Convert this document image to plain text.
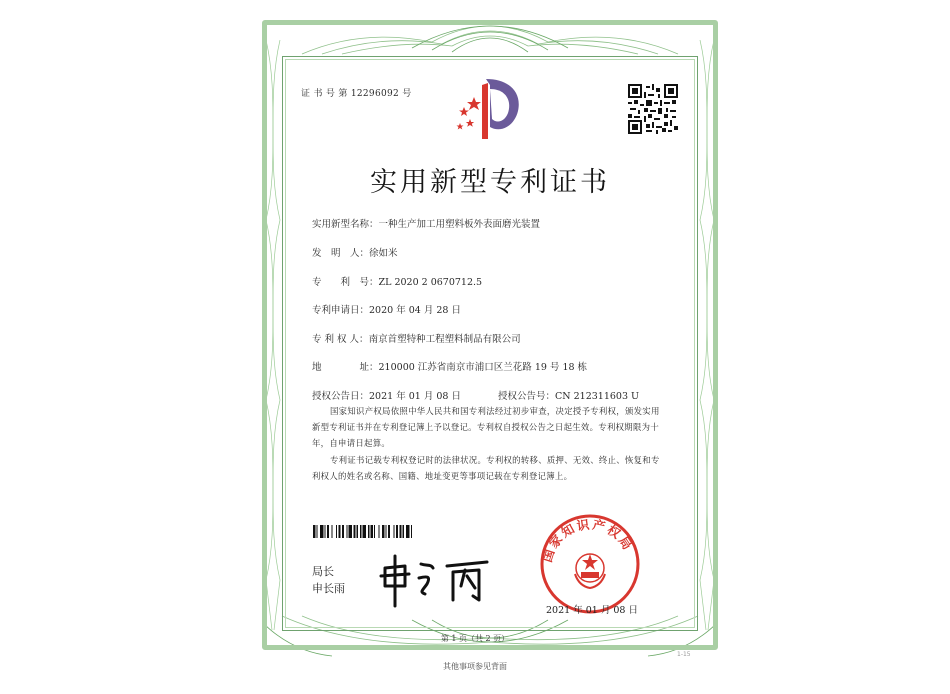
证 书 号 第 12296092 号
实用新型专利证书
实用新型名称：一种生产加工用塑料板外表面磨光装置
发　明　人：徐如米
专　　利　号：ZL 2020 2 0670712.5
专利申请日：2020 年 04 月 28 日
专 利 权 人：南京首塑特种工程塑料制品有限公司
地　　　　址：210000 江苏省南京市浦口区兰花路 19 号 18 栋
授权公告日：2021 年 01 月 08 日	授权公告号：CN 212311603 U
国家知识产权局依照中华人民共和国专利法经过初步审查，决定授予专利权，颁发实用新型专利证书并在专利登记簿上予以登记。专利权自授权公告之日起生效。专利权期限为十年，自申请日起算。
专利证书记载专利权登记时的法律状况。专利权的转移、质押、无效、终止、恢复和专利权人的姓名或名称、国籍、地址变更等事项记载在专利登记簿上。
局长
申长雨
国家知识产权局
2021 年 01 月 08 日
第 1 页（共 2 页）
其他事项参见背面
1-15
